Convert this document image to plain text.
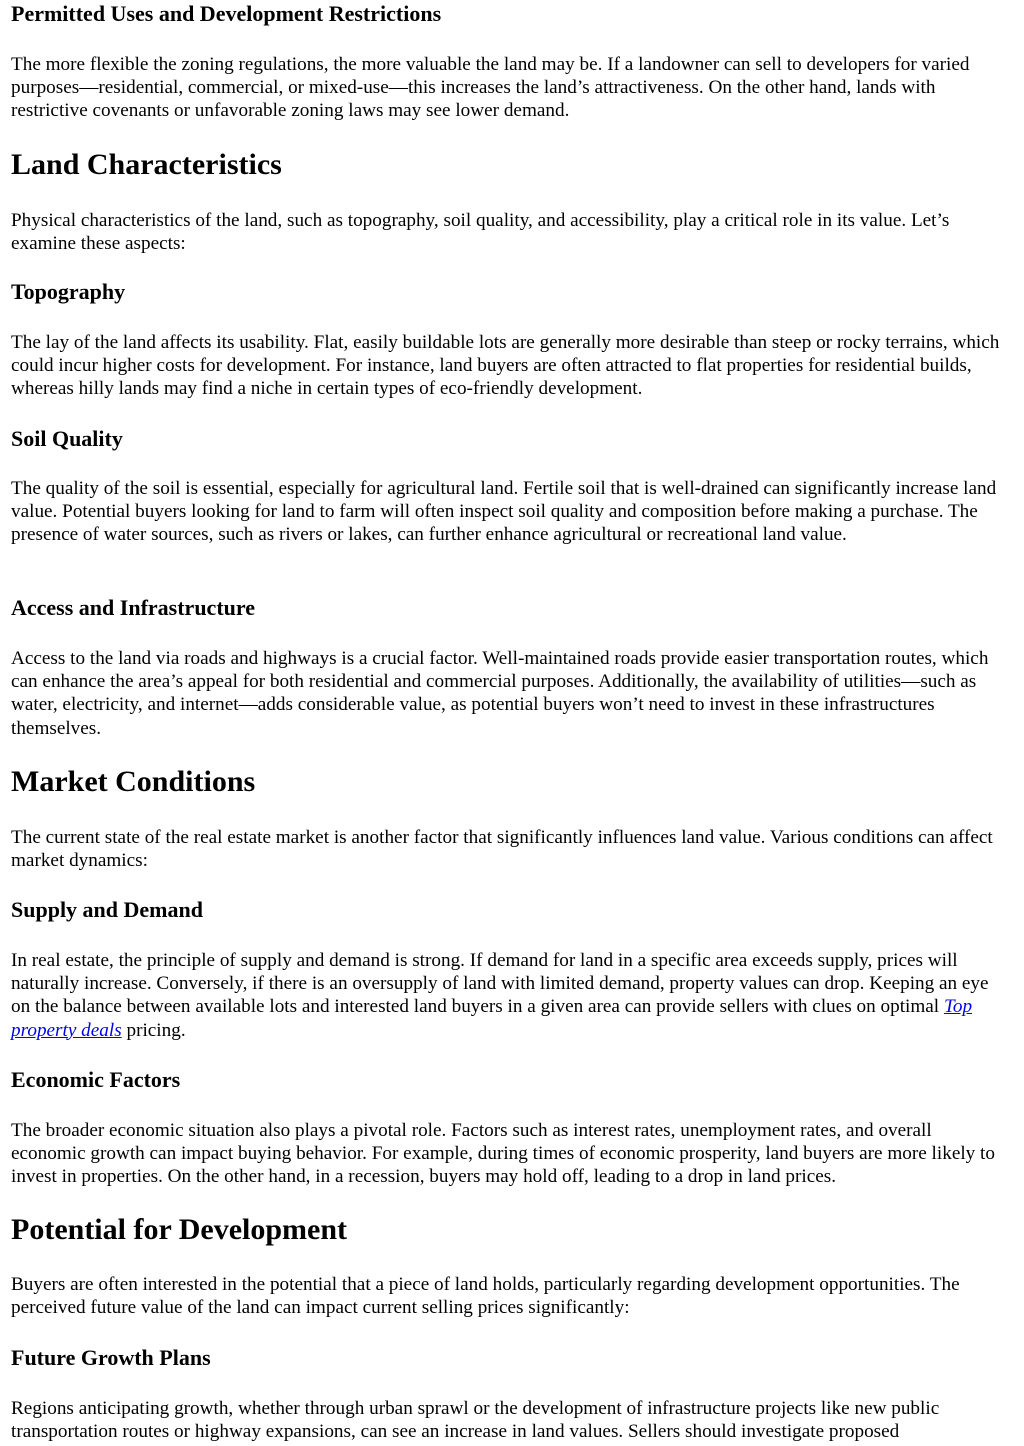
Permitted Uses and Development Restrictions

The more flexible the zoning regulations, the more valuable the land may be. If a landowner can sell to developers for varied purposes—residential, commercial, or mixed-use—this increases the land’s attractiveness. On the other hand, lands with restrictive covenants or unfavorable zoning laws may see lower demand.

Land Characteristics

Physical characteristics of the land, such as topography, soil quality, and accessibility, play a critical role in its value. Let’s examine these aspects:

Topography

The lay of the land affects its usability. Flat, easily buildable lots are generally more desirable than steep or rocky terrains, which could incur higher costs for development. For instance, land buyers are often attracted to flat properties for residential builds, whereas hilly lands may find a niche in certain types of eco-friendly development.

Soil Quality

The quality of the soil is essential, especially for agricultural land. Fertile soil that is well-drained can significantly increase land value. Potential buyers looking for land to farm will often inspect soil quality and composition before making a purchase. The presence of water sources, such as rivers or lakes, can further enhance agricultural or recreational land value.

Access and Infrastructure

Access to the land via roads and highways is a crucial factor. Well-maintained roads provide easier transportation routes, which can enhance the area’s appeal for both residential and commercial purposes. Additionally, the availability of utilities—such as water, electricity, and internet—adds considerable value, as potential buyers won’t need to invest in these infrastructures themselves.

Market Conditions

The current state of the real estate market is another factor that significantly influences land value. Various conditions can affect market dynamics:

Supply and Demand

In real estate, the principle of supply and demand is strong. If demand for land in a specific area exceeds supply, prices will naturally increase. Conversely, if there is an oversupply of land with limited demand, property values can drop. Keeping an eye on the balance between available lots and interested land buyers in a given area can provide sellers with clues on optimal Top property deals pricing.

Economic Factors

The broader economic situation also plays a pivotal role. Factors such as interest rates, unemployment rates, and overall economic growth can impact buying behavior. For example, during times of economic prosperity, land buyers are more likely to invest in properties. On the other hand, in a recession, buyers may hold off, leading to a drop in land prices.

Potential for Development

Buyers are often interested in the potential that a piece of land holds, particularly regarding development opportunities. The perceived future value of the land can impact current selling prices significantly:

Future Growth Plans

Regions anticipating growth, whether through urban sprawl or the development of infrastructure projects like new public transportation routes or highway expansions, can see an increase in land values. Sellers should investigate proposed
